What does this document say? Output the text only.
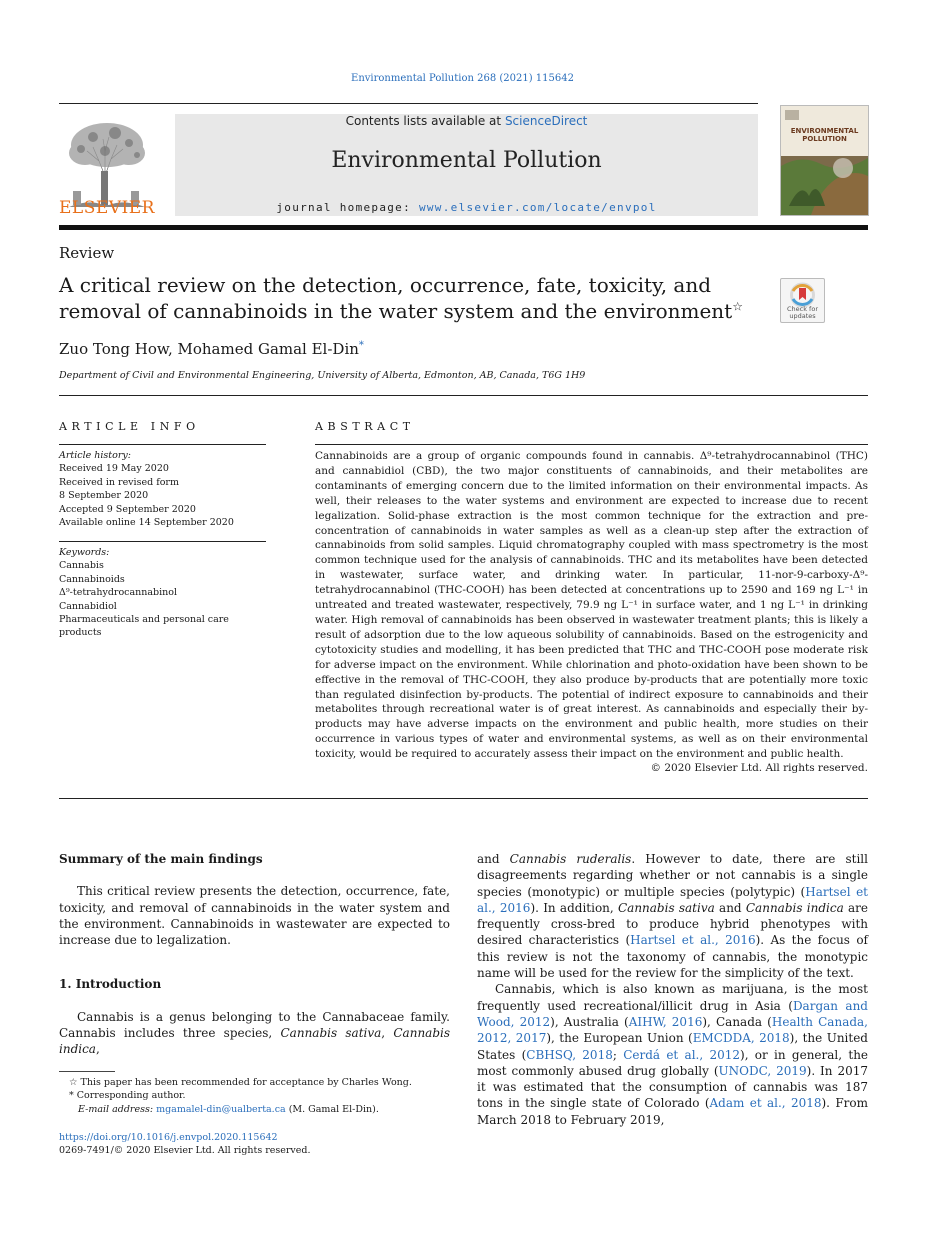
Environmental Pollution 268 (2021) 115642
ELSEVIER
Contents lists available at ScienceDirect
Environmental Pollution
journal homepage: www.elsevier.com/locate/envpol
ENVIRONMENTAL POLLUTION
Review
A critical review on the detection, occurrence, fate, toxicity, and removal of cannabinoids in the water system and the environment☆	Check for updates
Zuo Tong How, Mohamed Gamal El-Din*
Department of Civil and Environmental Engineering, University of Alberta, Edmonton, AB, Canada, T6G 1H9
ARTICLE INFO	ABSTRACT
Article history:
Received 19 May 2020
Received in revised form
8 September 2020
Accepted 9 September 2020
Available online 14 September 2020
Keywords:
Cannabis
Cannabinoids
Δ⁹-tetrahydrocannabinol
Cannabidiol
Pharmaceuticals and personal care products

Cannabinoids are a group of organic compounds found in cannabis. Δ⁹-tetrahydrocannabinol (THC) and cannabidiol (CBD), the two major constituents of cannabinoids, and their metabolites are contaminants of emerging concern due to the limited information on their environmental impacts. As well, their releases to the water systems and environment are expected to increase due to recent legalization. Solid-phase extraction is the most common technique for the extraction and pre-concentration of cannabinoids in water samples as well as a clean-up step after the extraction of cannabinoids from solid samples. Liquid chromatography coupled with mass spectrometry is the most common technique used for the analysis of cannabinoids. THC and its metabolites have been detected in wastewater, surface water, and drinking water. In particular, 11-nor-9-carboxy-Δ⁹-tetrahydrocannabinol (THC-COOH) has been detected at concentrations up to 2590 and 169 ng L⁻¹ in untreated and treated wastewater, respectively, 79.9 ng L⁻¹ in surface water, and 1 ng L⁻¹ in drinking water. High removal of cannabinoids has been observed in wastewater treatment plants; this is likely a result of adsorption due to the low aqueous solubility of cannabinoids. Based on the estrogenicity and cytotoxicity studies and modelling, it has been predicted that THC and THC-COOH pose moderate risk for adverse impact on the environment. While chlorination and photo-oxidation have been shown to be effective in the removal of THC-COOH, they also produce by-products that are potentially more toxic than regulated disinfection by-products. The potential of indirect exposure to cannabinoids and their metabolites through recreational water is of great interest. As cannabinoids and especially their by-products may have adverse impacts on the environment and public health, more studies on their occurrence in various types of water and environmental systems, as well as on their environmental toxicity, would be required to accurately assess their impact on the environment and public health.

© 2020 Elsevier Ltd. All rights reserved.

Summary of the main findings

This critical review presents the detection, occurrence, fate, toxicity, and removal of cannabinoids in the water system and the environment. Cannabinoids in wastewater are expected to increase due to legalization.

1. Introduction

Cannabis is a genus belonging to the Cannabaceae family. Cannabis includes three species, Cannabis sativa, Cannabis indica,

☆ This paper has been recommended for acceptance by Charles Wong.
* Corresponding author.
E-mail address: mgamalel-din@ualberta.ca (M. Gamal El-Din).
https://doi.org/10.1016/j.envpol.2020.115642
0269-7491/© 2020 Elsevier Ltd. All rights reserved.

and Cannabis ruderalis. However to date, there are still disagreements regarding whether or not cannabis is a single species (monotypic) or multiple species (polytypic) (Hartsel et al., 2016). In addition, Cannabis sativa and Cannabis indica are frequently cross-bred to produce hybrid phenotypes with desired characteristics (Hartsel et al., 2016). As the focus of this review is not the taxonomy of cannabis, the monotypic name will be used for the review for the simplicity of the text.

Cannabis, which is also known as marijuana, is the most frequently used recreational/illicit drug in Asia (Dargan and Wood, 2012), Australia (AIHW, 2016), Canada (Health Canada, 2012, 2017), the European Union (EMCDDA, 2018), the United States (CBHSQ, 2018; Cerdá et al., 2012), or in general, the most commonly abused drug globally (UNODC, 2019). In 2017 it was estimated that the consumption of cannabis was 187 tons in the single state of Colorado (Adam et al., 2018). From March 2018 to February 2019,
